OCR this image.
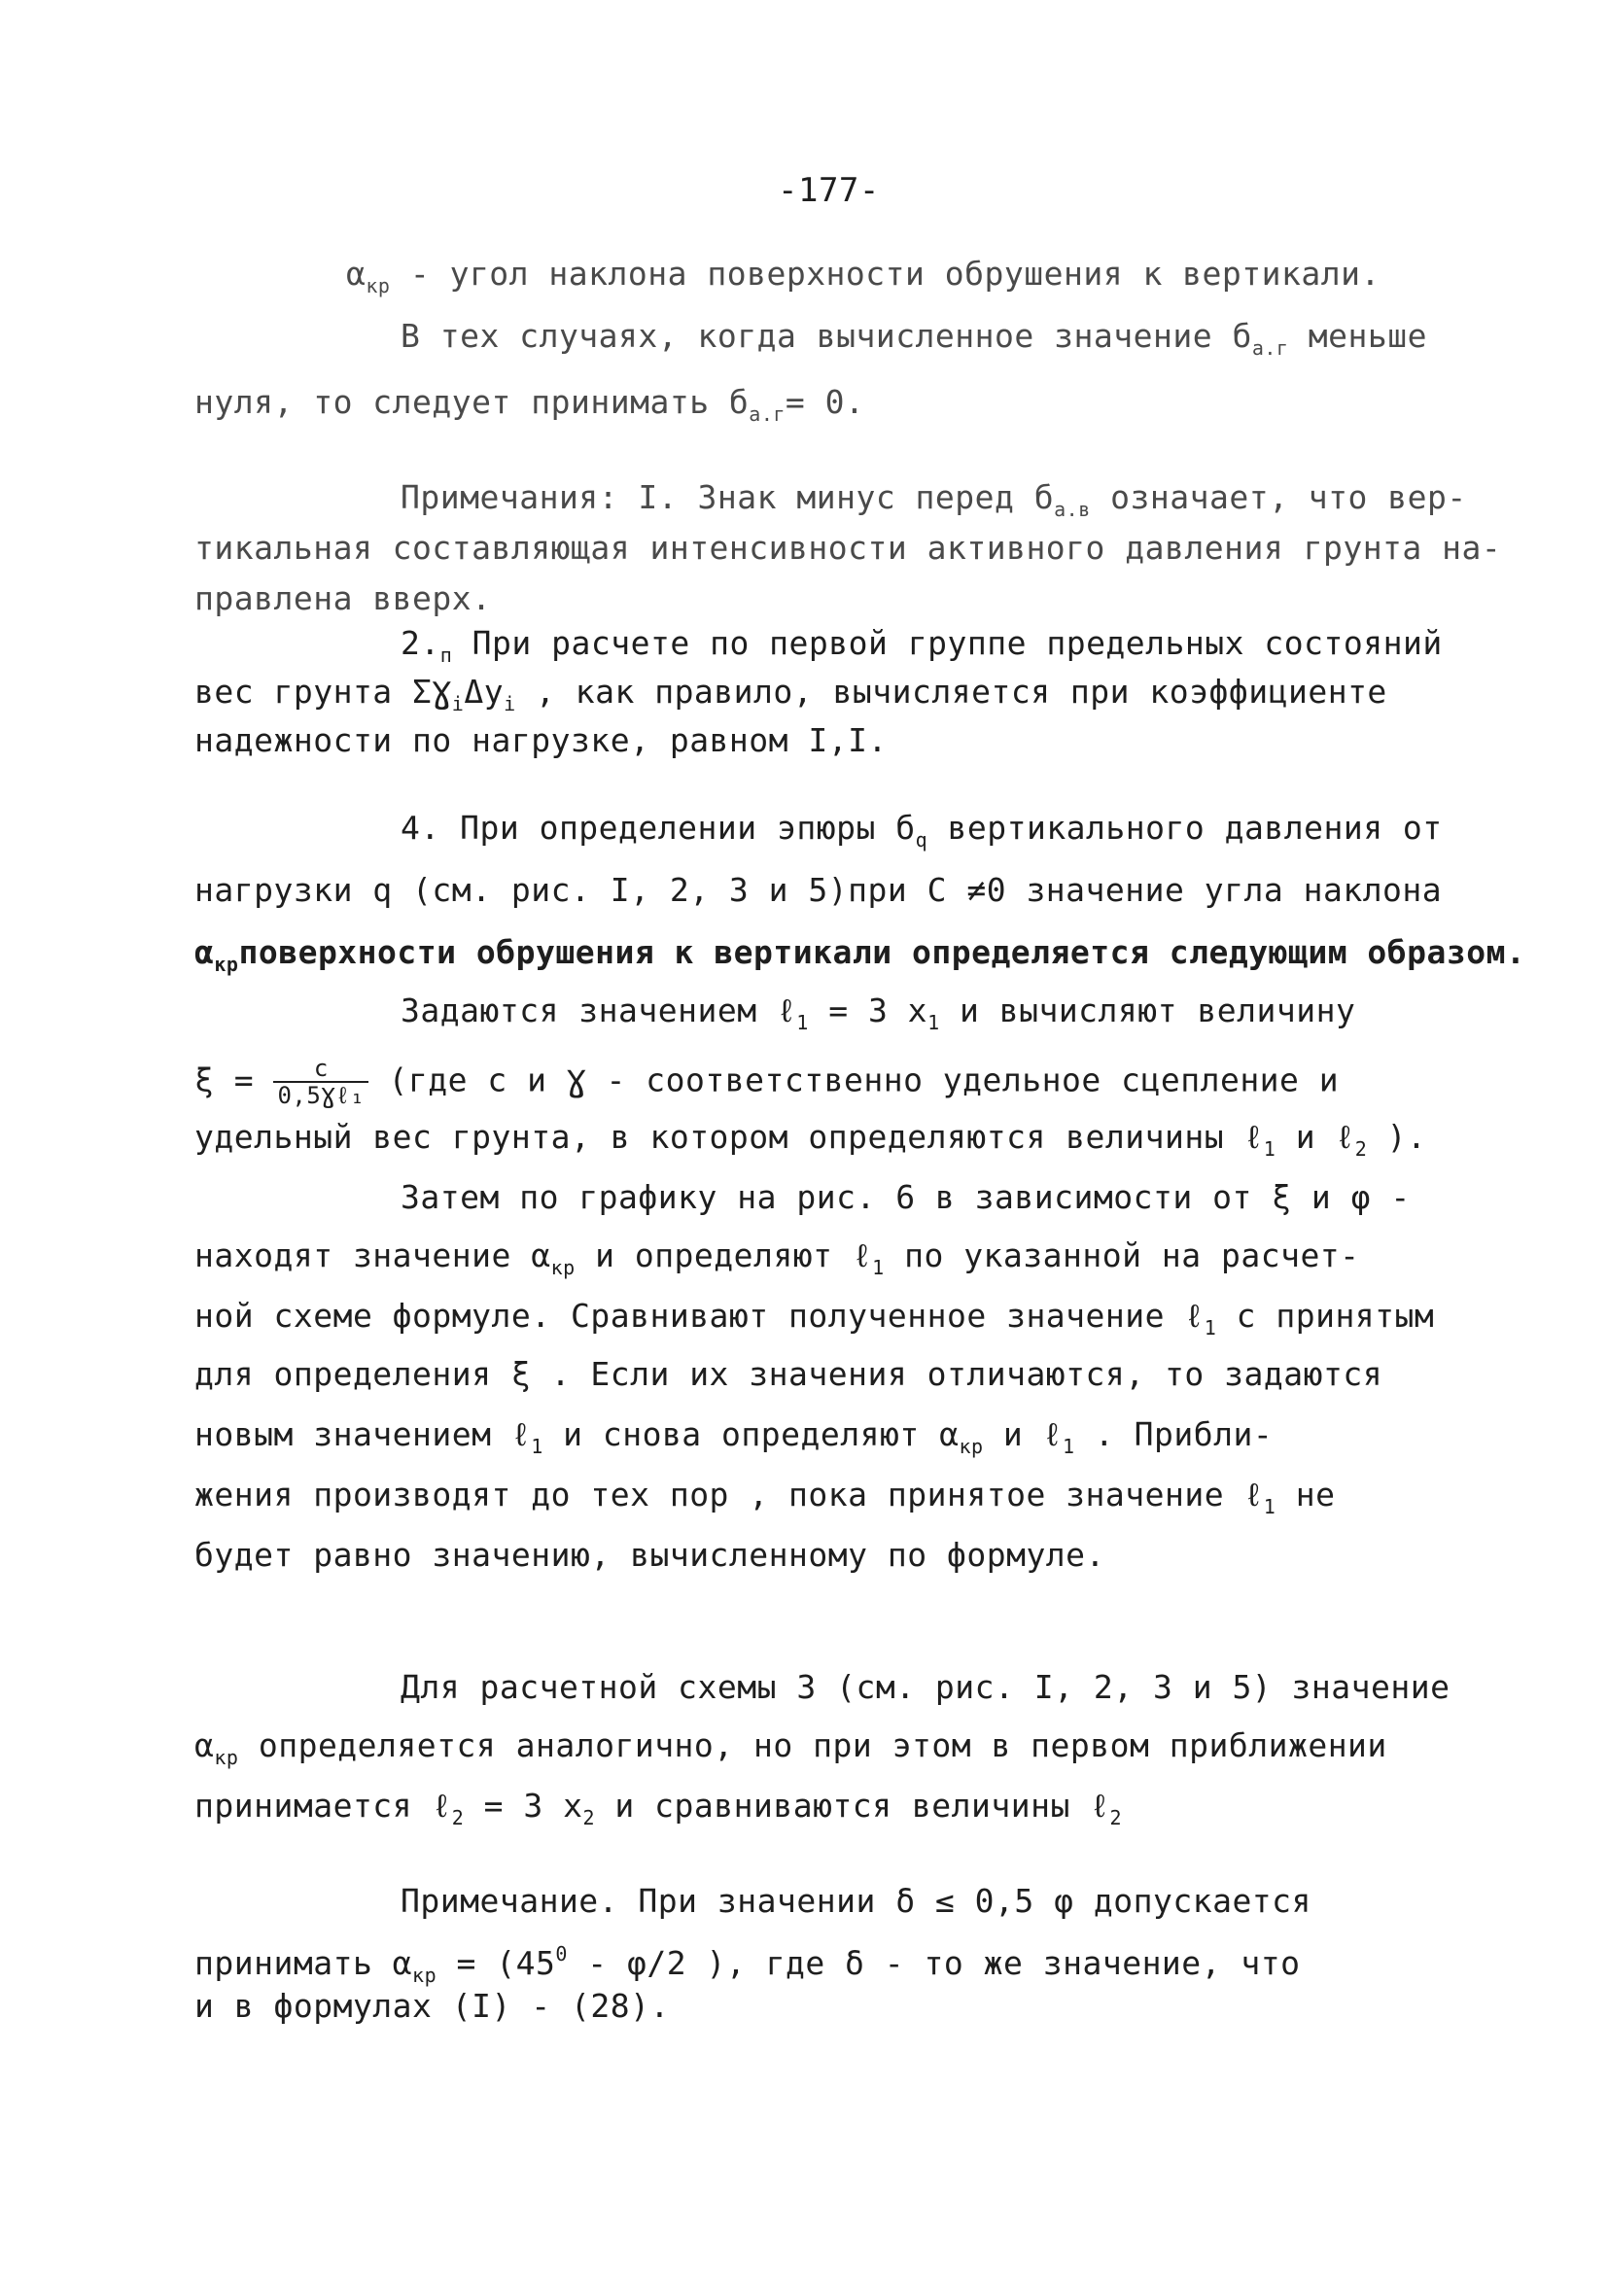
-177-
$\alpha_{кр}$ - угол наклона поверхности обрушения к вертикали.
В тех случаях, когда вычисленное значение $б_{а.г}$ меньше
нуля, то следует принимать $б_{а.г}= 0$.
Примечания: I. Знак минус перед $б_{а.в}$ означает, что вер-
тикальная составляющая интенсивности активного давления грунта на-
правлена вверх.
$2._п$ При расчете по первой группе предельных состояний
вес грунта $\Sigma Ɣ_i\Delta y_i$ , как правило, вычисляется при коэффициенте
надежности по нагрузке, равном I,I.
4. При определении эпюры $б_q$ вертикального давления от
нагрузки q (см. рис. I, 2, 3 и 5)при C ≠0 значение угла наклона
$\alpha_{кр}поверхности$ обрушения к вертикали определяется следующим образом.
Задаются значением ℓ$_1$ = 3 $x_1$ и вычисляют величину
$\xi = \frac{c}{\text{0,5Ɣℓ₁}} (где$ c и Ɣ - соответственно удельное сцепление и
удельный вес грунта, в котором определяются величины ℓ$_1$ и ℓ$_2$ ).
Затем по графику на рис. 6 в зависимости от ξ и φ -
находят значение $\alpha_{кр}$ и определяют ℓ$_1$ по указанной на расчет-
ной схеме формуле. Сравнивают полученное значение ℓ$_1$ с принятым
для определения ξ . Если их значения отличаются, то задаются
новым значением ℓ$_1$ и снова определяют $\alpha_{кр}$ и ℓ$_1$ . Прибли-
жения производят до тех пор , пока принятое значение ℓ$_1$ не
будет равно значению, вычисленному по формуле.
Для расчетной схемы 3 (см. рис. I, 2, 3 и 5) значение
$\alpha_{кр}$ определяется аналогично, но при этом в первом приближении
принимается ℓ$_2$ = 3 $x_2$ и сравниваются величины ℓ$_2$
Примечание. При значении δ ≤ 0,5 φ допускается
принимать $\alpha_{кр} = (45^0 - \varphi/2$ ), где δ - то же значение, что
и в формулах (I) - (28).
